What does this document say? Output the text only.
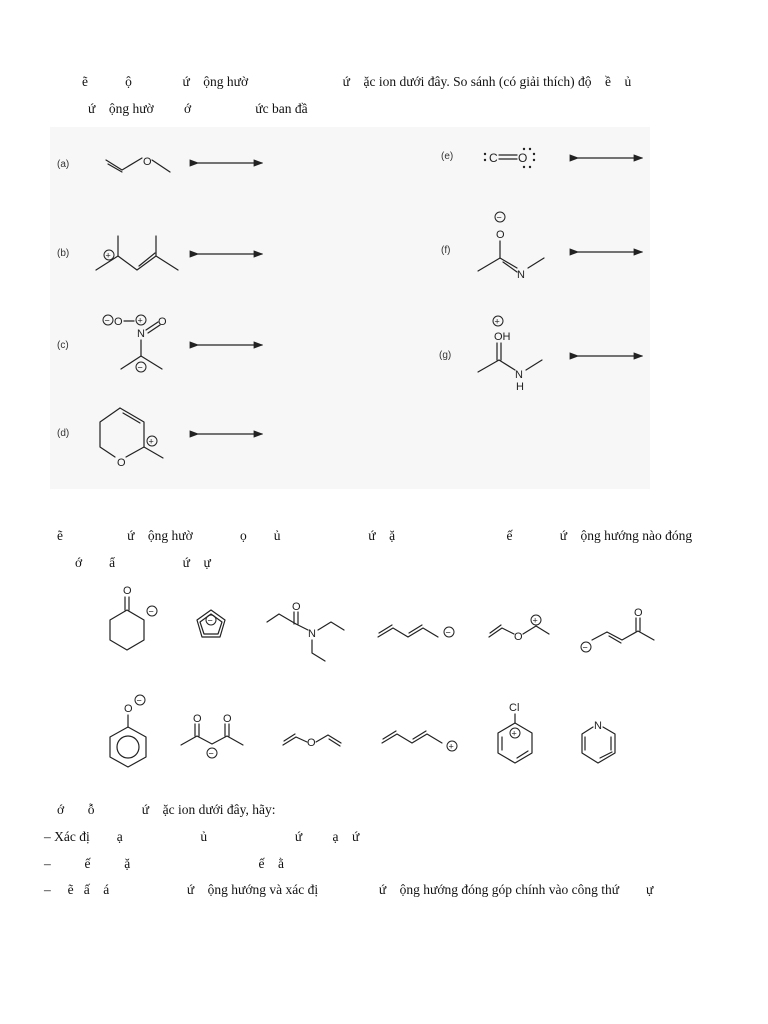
ẽ           ộ               ứ    ộng hườ                            ứ    ặc ion dưới đây. So sánh (có giải thích) độ    ề    ủ
ứ    ộng hườ         ớ                   ức ban đầ
(a)
(b)
(c)
(d)
(e)
(f)
(g)
O
+
− O +
N
O
−
O
+
C O
−
O
N
+
OH
N
H
O
−
−
O
N	−	O
+
−
O
O
−
O O
−
O	+
Cl
+
N
ẽ                   ứ    ộng hườ              ọ        ủ                          ứ    ặ                                 ế              ứ    ộng hướng nào đóng
ớ        ẩ                    ứ    ự
ớ       ỗ              ứ    ặc ion dưới đây, hãy:
– Xác đị        ạ                       ủ                          ứ         ạ    ứ
–          ế          ặ                                      ế    ằ
–     ẽ   ấ    á                       ứ    ộng hướng và xác đị                  ứ    ộng hướng đóng góp chính vào công thứ        ự
